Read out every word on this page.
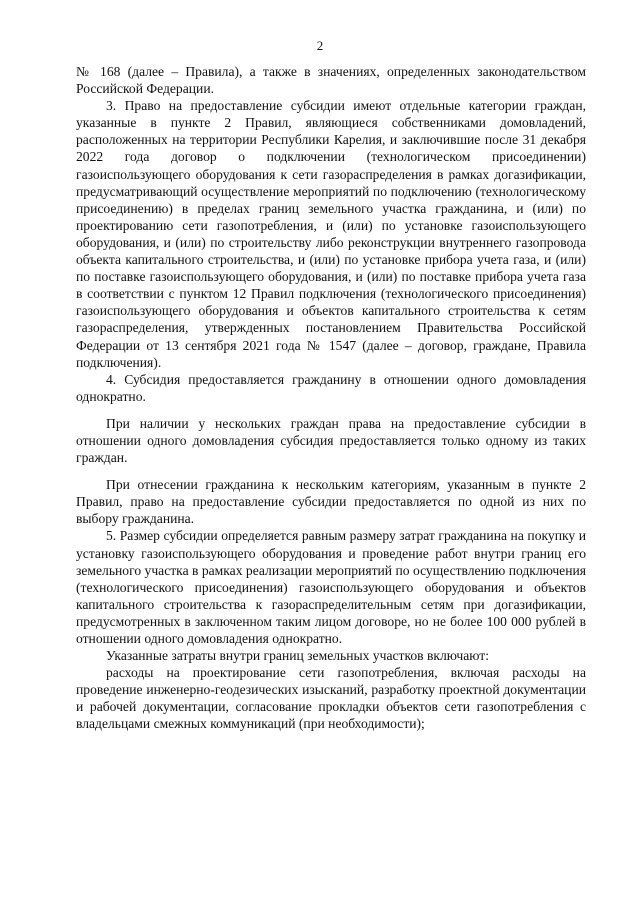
2

№ 168 (далее – Правила), а также в значениях, определенных законодательством Российской Федерации.

3. Право на предоставление субсидии имеют отдельные категории граждан, указанные в пункте 2 Правил, являющиеся собственниками домовладений, расположенных на территории Республики Карелия, и заключившие после 31 декабря 2022 года договор о подключении (технологическом присоединении) газоиспользующего оборудования к сети газораспределения в рамках догазификации, предусматривающий осуществление мероприятий по подключению (технологическому присоединению) в пределах границ земельного участка гражданина, и (или) по проектированию сети газопотребления, и (или) по установке газоиспользующего оборудования, и (или) по строительству либо реконструкции внутреннего газопровода объекта капитального строительства, и (или) по установке прибора учета газа, и (или) по поставке газоиспользующего оборудования, и (или) по поставке прибора учета газа в соответствии с пунктом 12 Правил подключения (технологического присоединения) газоиспользующего оборудования и объектов капитального строительства к сетям газораспределения, утвержденных постановлением Правительства Российской Федерации от 13 сентября 2021 года № 1547 (далее – договор, граждане, Правила подключения).

4. Субсидия предоставляется гражданину в отношении одного домовладения однократно.

При наличии у нескольких граждан права на предоставление субсидии в отношении одного домовладения субсидия предоставляется только одному из таких граждан.

При отнесении гражданина к нескольким категориям, указанным в пункте 2 Правил, право на предоставление субсидии предоставляется по одной из них по выбору гражданина.

5. Размер субсидии определяется равным размеру затрат гражданина на покупку и установку газоиспользующего оборудования и проведение работ внутри границ его земельного участка в рамках реализации мероприятий по осуществлению подключения (технологического присоединения) газоиспользующего оборудования и объектов капитального строительства к газораспределительным сетям при догазификации, предусмотренных в заключенном таким лицом договоре, но не более 100 000 рублей в отношении одного домовладения однократно.

Указанные затраты внутри границ земельных участков включают:

расходы на проектирование сети газопотребления, включая расходы на проведение инженерно-геодезических изысканий, разработку проектной документации и рабочей документации, согласование прокладки объектов сети газопотребления с владельцами смежных коммуникаций (при необходимости);
